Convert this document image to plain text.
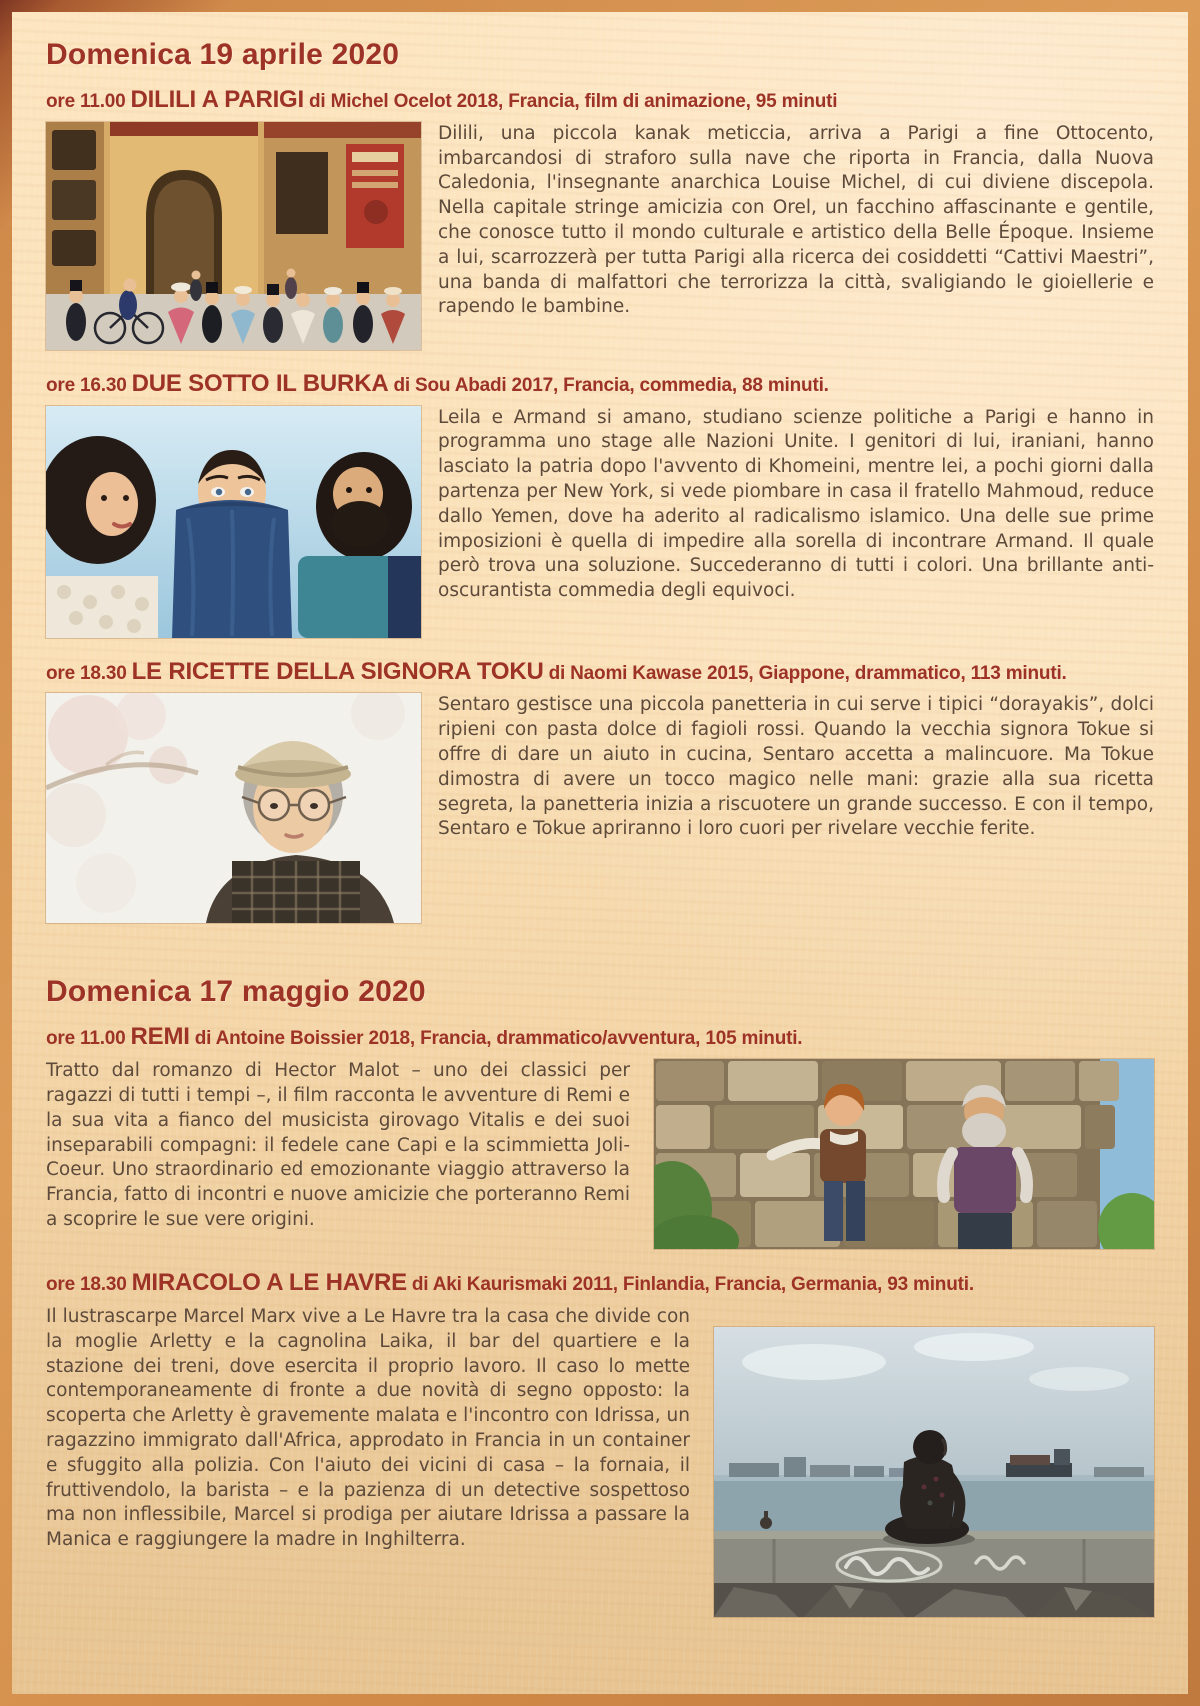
Domenica 19 aprile 2020

ore 11.00 DILILI A PARIGI di Michel Ocelot 2018, Francia, film di animazione, 95 minuti

Dilili, una piccola kanak meticcia, arriva a Parigi a fine Ottocento, imbarcandosi di straforo sulla nave che riporta in Francia, dalla Nuova Caledonia, l'insegnante anarchica Louise Michel, di cui diviene discepola. Nella capitale stringe amicizia con Orel, un facchino affascinante e gentile, che conosce tutto il mondo culturale e artistico della Belle Époque. Insieme a lui, scarrozzerà per tutta Parigi alla ricerca dei cosiddetti “Cattivi Maestri”, una banda di malfattori che terrorizza la città, svaligiando le gioiellerie e rapendo le bambine.

ore 16.30 DUE SOTTO IL BURKA di Sou Abadi 2017, Francia, commedia, 88 minuti.

Leila e Armand si amano, studiano scienze politiche a Parigi e hanno in programma uno stage alle Nazioni Unite. I genitori di lui, iraniani, hanno lasciato la patria dopo l'avvento di Khomeini, mentre lei, a pochi giorni dalla partenza per New York, si vede piombare in casa il fratello Mahmoud, reduce dallo Yemen, dove ha aderito al radicalismo islamico. Una delle sue prime imposizioni è quella di impedire alla sorella di incontrare Armand. Il quale però trova una soluzione. Succederanno di tutti i colori. Una brillante anti-oscurantista commedia degli equivoci.

ore 18.30 LE RICETTE DELLA SIGNORA TOKU di Naomi Kawase 2015, Giappone, drammatico, 113 minuti.

Sentaro gestisce una piccola panetteria in cui serve i tipici “dorayakis”, dolci ripieni con pasta dolce di fagioli rossi. Quando la vecchia signora Tokue si offre di dare un aiuto in cucina, Sentaro accetta a malincuore. Ma Tokue dimostra di avere un tocco magico nelle mani: grazie alla sua ricetta segreta, la panetteria inizia a riscuotere un grande successo. E con il tempo, Sentaro e Tokue apriranno i loro cuori per rivelare vecchie ferite.

Domenica 17 maggio 2020

ore 11.00 REMI di Antoine Boissier 2018, Francia, drammatico/avventura, 105 minuti.

Tratto dal romanzo di Hector Malot – uno dei classici per ragazzi di tutti i tempi –, il film racconta le avventure di Remi e la sua vita a fianco del musicista girovago Vitalis e dei suoi inseparabili compagni: il fedele cane Capi e la scimmietta Joli-Coeur. Uno straordinario ed emozionante viaggio attraverso la Francia, fatto di incontri e nuove amicizie che porteranno Remi a scoprire le sue vere origini.

ore 18.30 MIRACOLO A LE HAVRE di Aki Kaurismaki 2011, Finlandia, Francia, Germania, 93 minuti.

Il lustrascarpe Marcel Marx vive a Le Havre tra la casa che divide con la moglie Arletty e la cagnolina Laika, il bar del quartiere e la stazione dei treni, dove esercita il proprio lavoro. Il caso lo mette contemporaneamente di fronte a due novità di segno opposto: la scoperta che Arletty è gravemente malata e l'incontro con Idrissa, un ragazzino immigrato dall'Africa, approdato in Francia in un container e sfuggito alla polizia. Con l'aiuto dei vicini di casa – la fornaia, il fruttivendolo, la barista – e la pazienza di un detective sospettoso ma non inflessibile, Marcel si prodiga per aiutare Idrissa a passare la Manica e raggiungere la madre in Inghilterra.
